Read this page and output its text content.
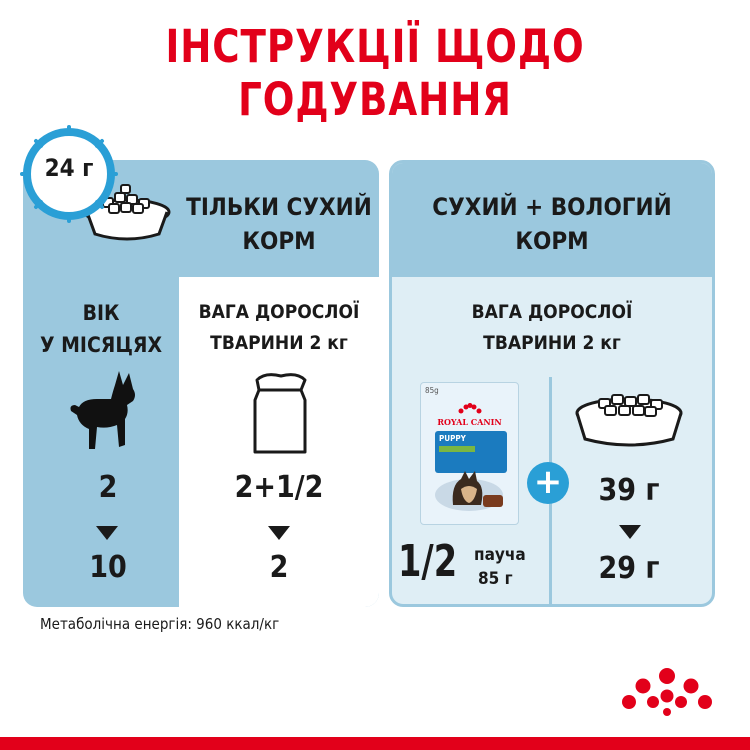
ІНСТРУКЦІЇ ЩОДО ГОДУВАННЯ
ТІЛЬКИ СУХИЙ
КОРМ
ВІК
У МІСЯЦЯХ
ВАГА ДОРОСЛОЇ
ТВАРИНИ 2 кг
2
10
2+1/2
2
24 г
СУХИЙ + ВОЛОГИЙ
КОРМ
ВАГА ДОРОСЛОЇ
ТВАРИНИ 2 кг
39 г
29 г
1/2 пауча
85 г
85g
ROYAL CANIN
PUPPY
+
Метаболічна енергія: 960 ккал/кг
